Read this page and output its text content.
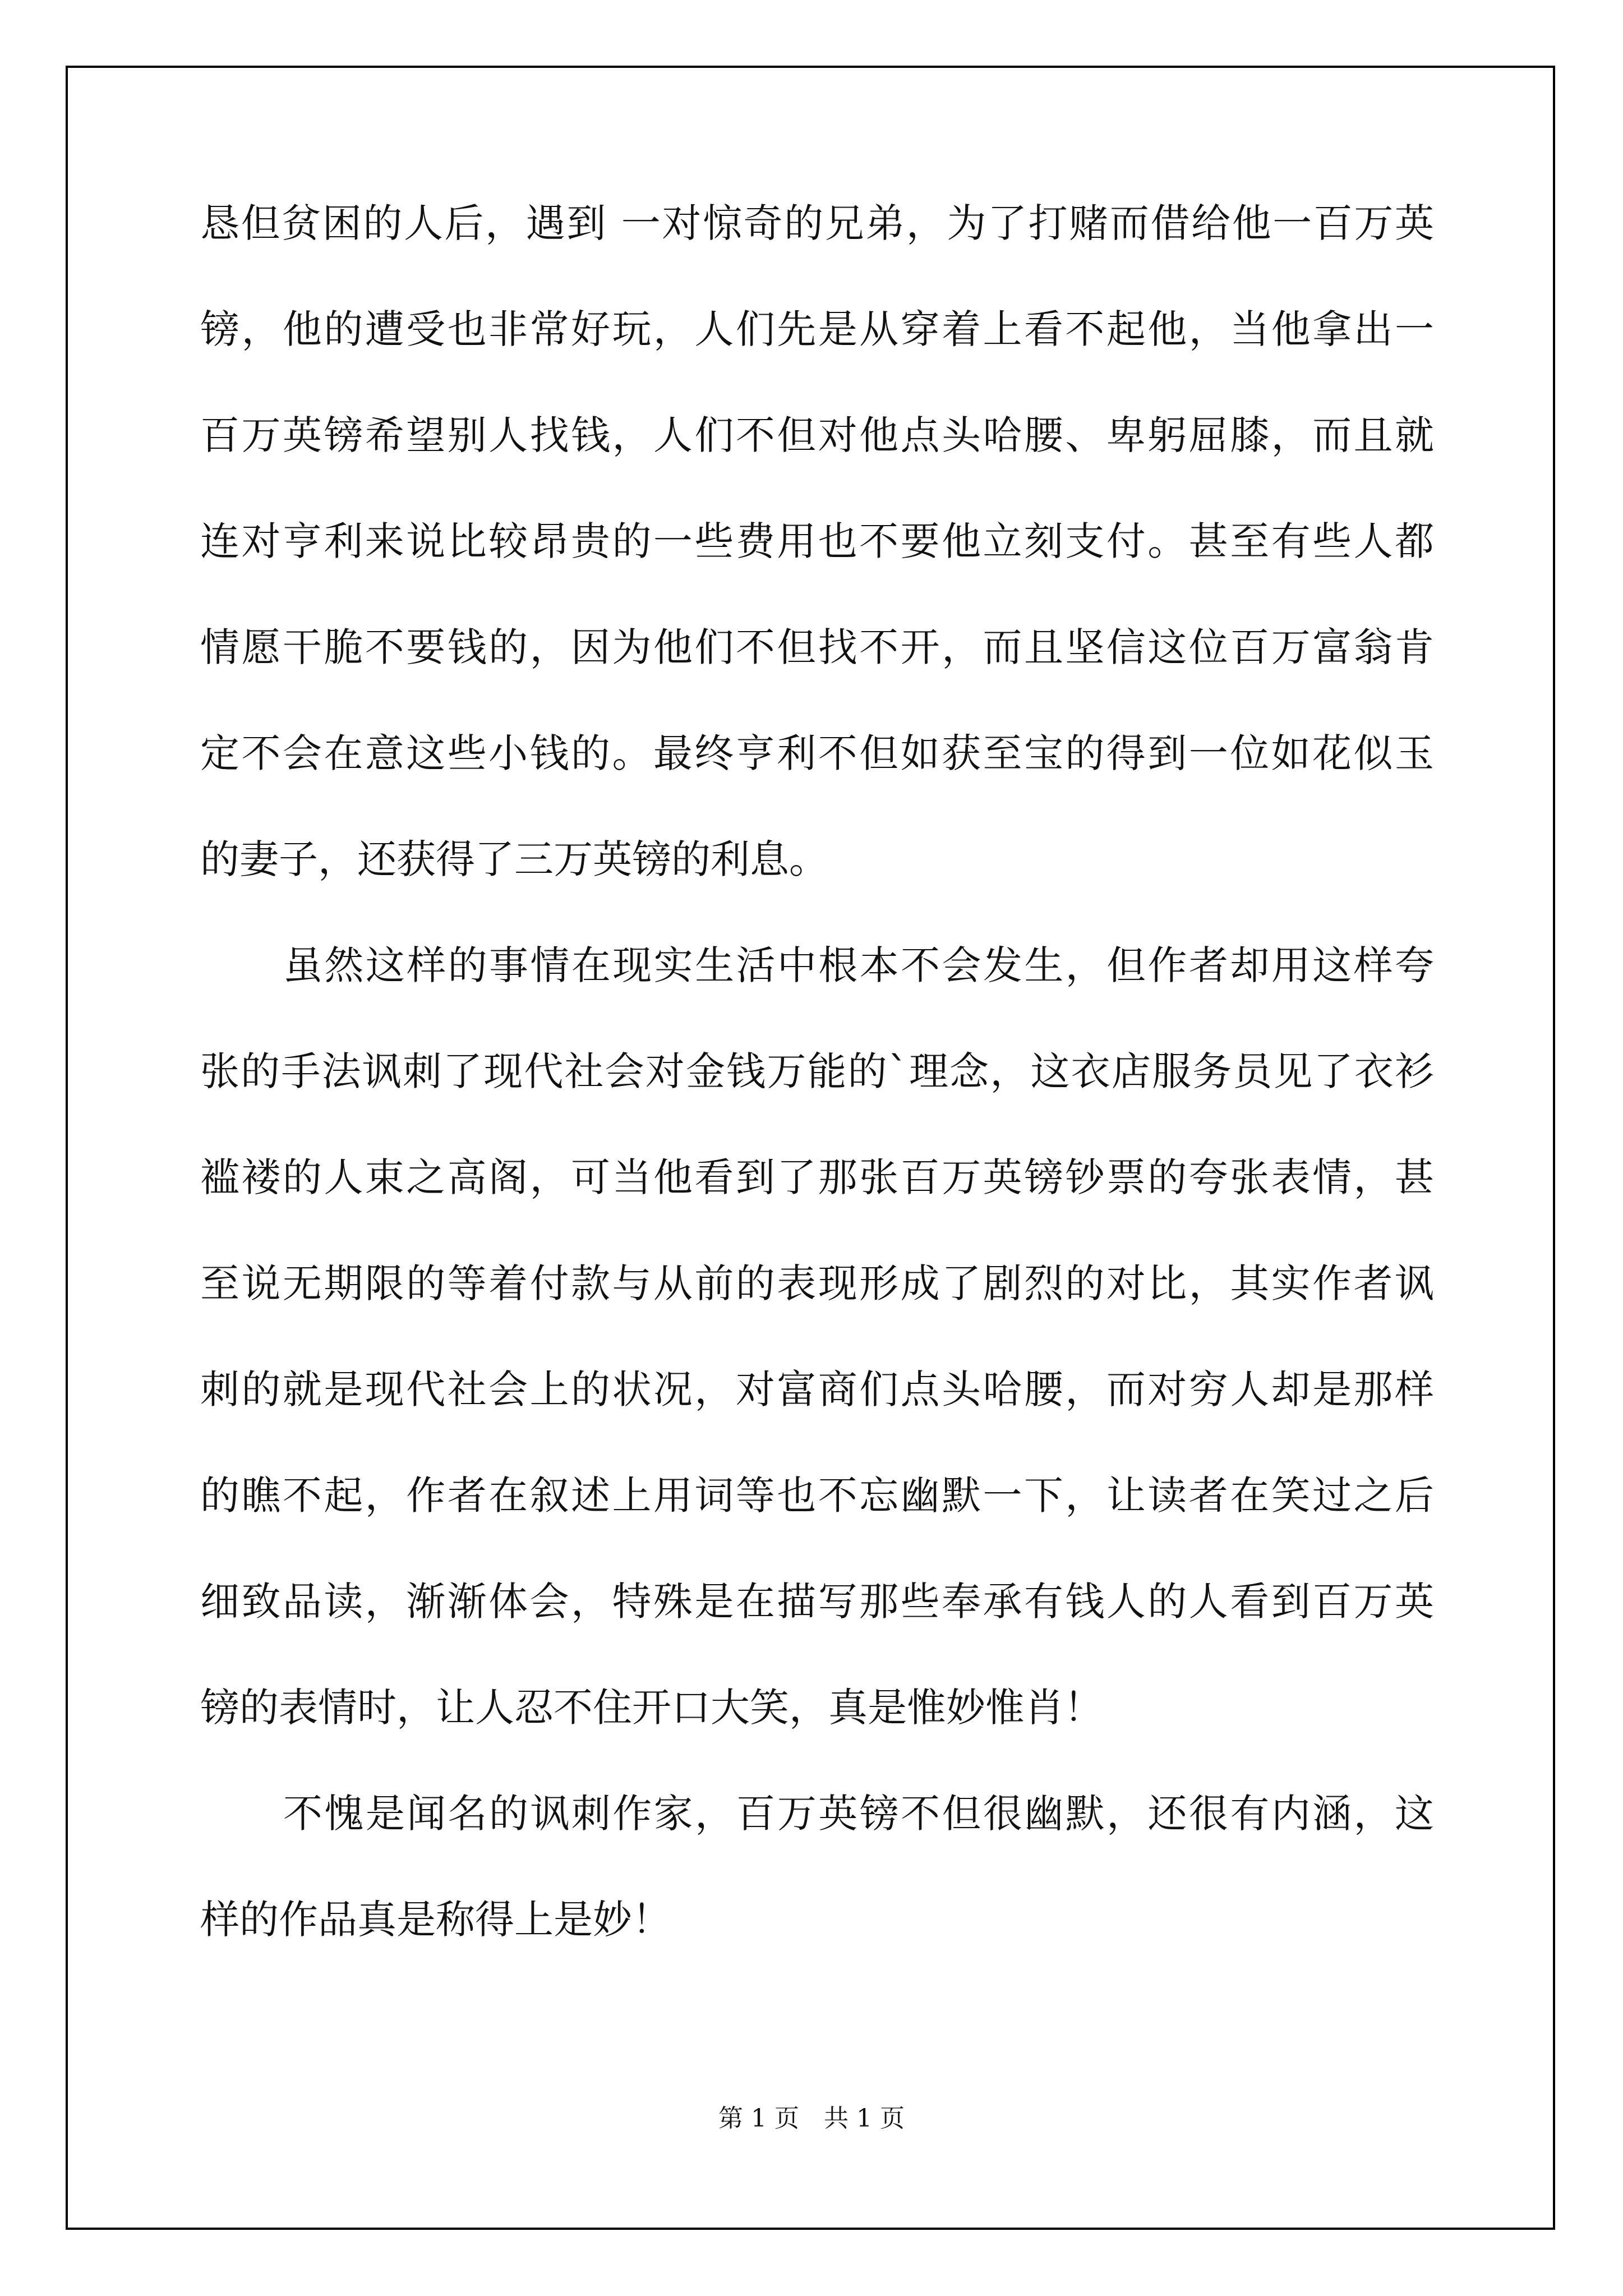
恳但贫困的人后，遇到 一对惊奇的兄弟，为了打赌而借给他一百万英
镑，他的遭受也非常好玩，人们先是从穿着上看不起他，当他拿出一
百万英镑希望别人找钱，人们不但对他点头哈腰、卑躬屈膝，而且就
连对亨利来说比较昂贵的一些费用也不要他立刻支付。甚至有些人都
情愿干脆不要钱的，因为他们不但找不开，而且坚信这位百万富翁肯
定不会在意这些小钱的。最终亨利不但如获至宝的得到一位如花似玉
的妻子，还获得了三万英镑的利息。
虽然这样的事情在现实生活中根本不会发生，但作者却用这样夸
张的手法讽刺了现代社会对金钱万能的`理念，这衣店服务员见了衣衫
褴褛的人束之高阁，可当他看到了那张百万英镑钞票的夸张表情，甚
至说无期限的等着付款与从前的表现形成了剧烈的对比，其实作者讽
刺的就是现代社会上的状况，对富商们点头哈腰，而对穷人却是那样
的瞧不起，作者在叙述上用词等也不忘幽默一下，让读者在笑过之后
细致品读，渐渐体会，特殊是在描写那些奉承有钱人的人看到百万英
镑的表情时，让人忍不住开口大笑，真是惟妙惟肖！
不愧是闻名的讽刺作家，百万英镑不但很幽默，还很有内涵，这
样的作品真是称得上是妙！
第 1 页　共 1 页
